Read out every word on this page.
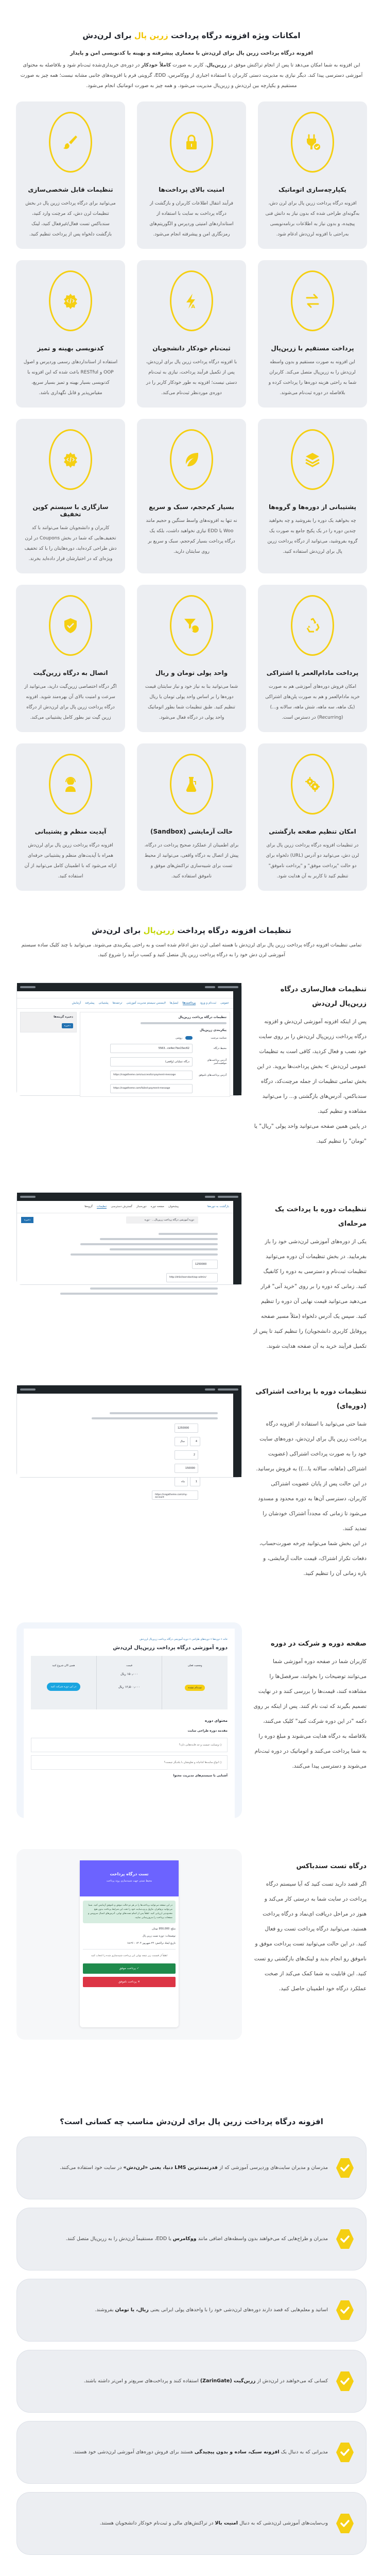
امکانات ویژه افزونه درگاه پرداخت زرین پال برای لرن‌دش
افزونه درگاه پرداخت زرین پال برای لرن‌دش با معماری پیشرفته و بهینه با کدنویسی امن و پایدار

این افزونه به شما امکان می‌دهد تا پس از انجام تراکنش موفق در زرین‌پال، کاربر به صورت کاملاً خودکار در دوره‌ی خریداری‌شده ثبت‌نام شود و بلافاصله به محتوای آموزشی دسترسی پیدا کند. دیگر نیازی به مدیریت دستی کاربران یا استفاده اجباری از ووکامرس، EDD، گرویتی فرم یا افزونه‌های جانبی مشابه نیست؛ همه چیز به صورت مستقیم و یکپارچه بین لرن‌دش و زرین‌پال مدیریت می‌شود. و همه چیز به صورت اتوماتیک انجام می‌شود.

یکپارچه‌سازی اتوماتیک

افزونه درگاه پرداخت زرین پال برای لرن دش، به‌گونه‌ای طراحی شده که بدون نیاز به دانش فنی پیچیده، و بدون نیاز به اطلاعات برنامه‌نویسی به‌راحتی با افزونه لرن‌دش ادغام شود.

امنیت بالای پرداخت‌ها

فرآیند انتقال اطلاعات کاربران و بازگشت از درگاه پرداخت به سایت با استفاده از استانداردهای امنیتی وردپرس و الگوریتم‌های رمزنگاری امن و پیشرفته انجام می‌شود.

تنظیمات قابل شخصی‌سازی

می‌توانید برای درگاه پرداخت زرین پال در بخش تنظیمات لرن دش، کد مرچنت وارد کنید، سندباکس تست فعال/غیرفعال کنید، لینک بازگشت دلخواه پس از پرداخت تنظیم کنید.

پرداخت مستقیم با زرین‌پال

این افزونه به صورت مستقیم و بدون واسطه لرن‌دش را به زرین‌پال متصل می‌کند. کاربران شما به راحتی هزینه دوره‌ها را پرداخت کرده و بلافاصله در دوره ثبت‌نام می‌شوند.

A
ثبت‌نام خودکار دانشجویان

با افزونه درگاه پرداخت زرین پال برای لرن‌دش، پس از تکمیل فرآیند پرداخت، نیازی به ثبت‌نام دستی نیست؛ افزونه به طور خودکار کاربر را در دوره‌ی موردنظر ثبت‌نام می‌کند.

کدنویسی بهینه و تمیز

استفاده از استانداردهای رسمی وردپرس و اصول OOP و RESTful باعث شده که این افزونه با کدنویسی بسیار بهینه و تمیز بسیار سریع، مقیاس‌پذیر و قابل نگهداری باشد.

پشتیبانی از دوره‌ها و گروه‌ها

چه بخواهید یک دوره را بفروشید و چه بخواهید چندین دوره را در یک پکیج جامع به صورت یک گروه بفروشید، می‌توانید از درگاه پرداخت زرین پال برای لرن‌دش استفاده کنید.

بسیار کم‌حجم، سبک و سریع

نه تنها به افزونه‌های واسط سنگین و حجیم مانند Woo یا EDD نیازی نخواهید داشت، بلکه یک درگاه پرداخت بسیار کم‌حجم، سبک و سریع بر روی سایتتان دارید.

سازگاری با سیستم کوپن تخفیف

کاربران و دانشجویان شما می‌توانند با کد تخفیف‌هایی که شما در بخش Coupons در لرن دش طراحی کرده‌اید، دوره‌هایتان را با کد تخفیف ویژه‌ای که در اختیارشان قرار داده‌اید بخرند.

پرداخت مادام‌العمر یا اشتراکی

امکان فروش دوره‌های آموزشی هم به صورت خرید مادام‌العمر و هم به صورت پلن‌های اشتراکی (یک ماهه، سه ماهه، شش ماهه، سالانه و...) (Recurring) در دسترس است.

$
واحد پولی تومان و ریال

شما می‌توانید بنا به نیاز خود و نیاز سایتتان قیمت دوره‌ها را بر اساس واحد پولی تومان یا ریال تنظیم کنید. طبق تنظیمات شما بطور اتوماتیک واحد پولی در درگاه فعال می‌شود.

اتصال به درگاه زرین‌گیت

اگر درگاه اختصاصی زرین‌گیت دارید، می‌توانید از سرعت و امنیت بالای آن بهره‌مند شوید. افزونه درگاه پرداخت زرین پال برای لرن‌دش از درگاه زرین گیت نیز بطور کامل پشتیبانی می‌کند.

امکان تنظیم صفحه بازگشتی

در تنظیمات افزونه درگاه پرداخت زرین پال برای لرن دش، می‌توانید دو آدرس (URL) دلخواه برای دو حالت "پرداخت موفق" و "پرداخت ناموفق" تنظیم کنید تا کاربر به آن هدایت شود.

حالت آزمایشی (Sandbox)

برای اطمینان از عملکرد صحیح پرداخت در درگاه، پیش از اتصال به درگاه واقعی، می‌توانید از محیط تست برای شبیه‌سازی تراکنش‌های موفق و ناموفق استفاده کنید.

آپدیت منظم و پشتیبانی

افزونه درگاه پرداخت زرین پال برای لرن‌دش همراه با آپدیت‌های منظم و پشتیبانی حرفه‌ای ارائه می‌شود که با اطمینان کامل می‌توانید از آن استفاده کنید.

تنظیمات افزونه درگاه پرداخت زرین‌پال برای لرن‌دش

تمامی تنظیمات افزونه درگاه پرداخت زرین پال برای لرن‌دش با هسته اصلی لرن دش ادغام شده است و به راحتی پیکربندی می‌شوند. می‌توانید با چند کلیک ساده سیستم آموزشی لرن دش خود را به درگاه پرداخت زرین پال متصل کنید و کسب درآمد را شروع کنید.

تنظیمات فعال‌سازی درگاه زرین‌پال لرن‌دش

پس از اینکه افزونه آموزشی لرن‌دش و افزونه درگاه پرداخت زرین‌پال لرن‌دش را بر روی سایت خود نصب و فعال کردید، کافی است به تنظیمات عمومی لرن‌دش > بخش پرداخت‌ها بروید. در این بخش تمامی تنظیمات از جمله مرچنت‌کد، درگاه سندباکس، آدرس‌های بازگشتی و... را می‌توانید مشاهده و تنظیم کنید.
در پایین همین صفحه می‌توانید واحد پولی "ریال" یا "تومان" را تنظیم کنید.

عمومی
ثبت‌نام و ورود
پرداخت‌ها
ایمیل‌ها
لایسنس سیستم مدیریت آموزشی
ترجمه‌ها
پشتیبانی
پیشرفته
آزمایش
تنظیمات درگاه پرداخت زرین‌پال
پیکربندی زرین‌پال
شناسه مرچنت
روشن
محیط درگاه
5563...ce4ec7be15ec62
آدرس پرداخت‌های موفقیت‌آمیز
درگاه عملیاتی (واقعی)
آدرس پرداخت‌های ناموفق
https://nagatheme.com/successful-payment-message
https://nagatheme.com/failed-payment-message
ذخیره گزینه‌ها
ذخیره
تنظیمات دوره با پرداخت یک مرحله‌ای

یکی از دوره‌های آموزشی لرن‌دشی خود را باز بفرمایید. در بخش تنظیمات آن دوره می‌توانید تنظیمات ثبت‌نام و دسترسی به دوره را کانفیگ کنید. زمانی که دوره را بر روی "خرید آنی" قرار می‌دهید می‌توانید قیمت نهایی آن دوره را تنظیم کنید. سپس یک آدرس دلخواه (مثلاً مسیر صفحه پروفایل کاربری دانشجویان) را تنظیم کنید تا پس از تکمیل فرآیند خرید به آن صفحه هدایت شوند.

بازگشت به دوره‌ها
پیشخوان
صفحه دوره
دوره‌ساز
گسترش دسترسی
تنظیمات
گروه‌ها
دوره آموزشی درگاه پرداخت زرین‌پال... · دوره
ذخیره
1250000
http://zhik/learndash/wp-admin/
تنظیمات دوره با پرداخت اشتراکی (دوره‌ای)

شما حتی می‌توانید با استفاده از افزونه درگاه پرداخت زرین پال برای لرن‌دش، دوره‌های سایت خود را به صورت پرداخت اشتراکی (عضویت اشتراکی (ماهانه، سالانه یا...)) به فروش برسانید. در این حالت پس از پایان عضویت اشتراکی کاربران، دسترسی آن‌ها به دوره محدود و مسدود می‌شود تا زمانی که مجدداً اشتراک خودشان را تمدید کنند.
در این بخش شما می‌توانید چرخه صورت‌حساب، دفعات تکرار اشتراک، قیمت حالت آزمایشی، و بازه زمانی آن را تنظیم کنید.

1250000
4
سال
2
150000
1
ماه
https://nagatheme.com/my-account
صفحه دوره و شرکت در دوره

کاربران شما در صفحه دوره آموزشی شما می‌توانند توضیحات را بخوانند، سرفصل‌ها را مشاهده کنند، قیمت‌ها را بررسی کنند و در نهایت تصمیم بگیرند که ثبت نام کنند. پس از اینکه بر روی دکمه "در این دوره شرکت کنید" کلیک می‌کنند، بلافاصله به درگاه هدایت می‌شوند و مبلغ دوره را به شما پرداخت می‌کنند و اتوماتیک در دوره ثبت‌نام می‌شوند و دسترسی پیدا می‌کنند.

خانه » دوره‌ها » دوره‌های طراحی » دوره آموزشی درگاه پرداخت زرین‌پال لرن‌دش
دوره آموزشی درگاه پرداخت زرین‌پال لرن‌دش
وضعیت فعلی
ثبت‌نام نشده
قیمت
۱۵۰٫۰۰۰ ریال
۱۲٫۵۰۰٫۰۰۰ ریال
همین الان شروع کنید
در این دوره شرکت کنید
محتوای دوره
مقدمه دوره طراحی سایت
○ وبسایت چیست و چه فایده‌هایی دارد؟
○ انواع سایت‌ها کدام‌اند و تفاوتشان با یکدیگر چیست؟
آشنایی با سیستم‌های مدیریت محتوا
تست درگاه پرداخت
محیط تستی جهت شبیه‌سازی روند پرداخت
در این صفحه می‌توانید پرداخت‌ها را در هر دو حالت موفق و ناموفق آزمایش کنید. شما می‌توانید نرم‌افزار، ماژول و وب‌سایت خود را تحت این شرایط پرداخت بدون هیچ محدودیتی ارزیابی کنید. لطفاً پس از اتمام تست‌های نهایی، آدرس‌های اتصال سرویس و صفحات پرداخت را به‌روزرسانی نمایید.
مبلغ: 950,000 تومان
توضیحات: دوره تست زرین پال
تاریخ ایجاد تراکنش: ۲۴ شهریور ۱۴۰۴ - ۱۸:۲۶
لطفاً از قسمت زیر نتیجه نهایی این پرداخت شبیه‌سازی شده را انتخاب کنید
✓ پرداخت موفق
✕ پرداخت ناموفق
درگاه تست سندباکس

اگر قصد دارید تست کنید که آیا سیستم درگاه پرداخت در سایت شما به درستی کار می‌کند و هنوز در مراحل دریافت ای‌نماد و درگاه پرداخت هستید، می‌توانید درگاه پرداخت تست رو فعال کنید. در این حالت می‌توانید تست پرداخت موفق و ناموفق رو انجام بدید و لینک‌های بازگشتی رو تست کنید. این قابلیت به شما کمک می‌کند از صخت عملکرد درگاه خود اطمینان حاصل کنید.

افزونه درگاه پرداخت زرین پال برای لرن‌دش مناسب چه کسانی است؟

مدرسان و مدیران سایت‌های وردپرسی آموزشی که از قدرتمندترین LMS دنیا، یعنی «لرن‌دش» در سایت خود استفاده می‌کنند.

مدیران و طراح‌هایی که می‌خواهند بدون واسطه‌های اضافی مانند ووکامرس یا EDD، مستقیماً لرن‌دش را به زرین‌پال متصل کنند.

اساتید و معلم‌هایی که قصد دارند دوره‌های لرن‌دشی خود را با واحدهای پولی ایرانی یعنی ریال، یا تومان بفروشند.

کسانی که می‌خواهند در لرن‌دش از زرین‌گیت (ZarinGate) استفاده کنند و پرداخت‌های سریع‌تر و امن‌تر داشته باشند.

مدیرانی که به دنبال یک افزونه سبک، ساده و بدون پیچیدگی هستند برای فروش دوره‌های آموزشی لرن‌دشی خود هستند.

وب‌سایت‌های آموزشی لرن‌دشی که به دنبال امنیت بالا در تراکنش‌های مالی و ثبت‌نام خودکار دانشجویان هستند.
